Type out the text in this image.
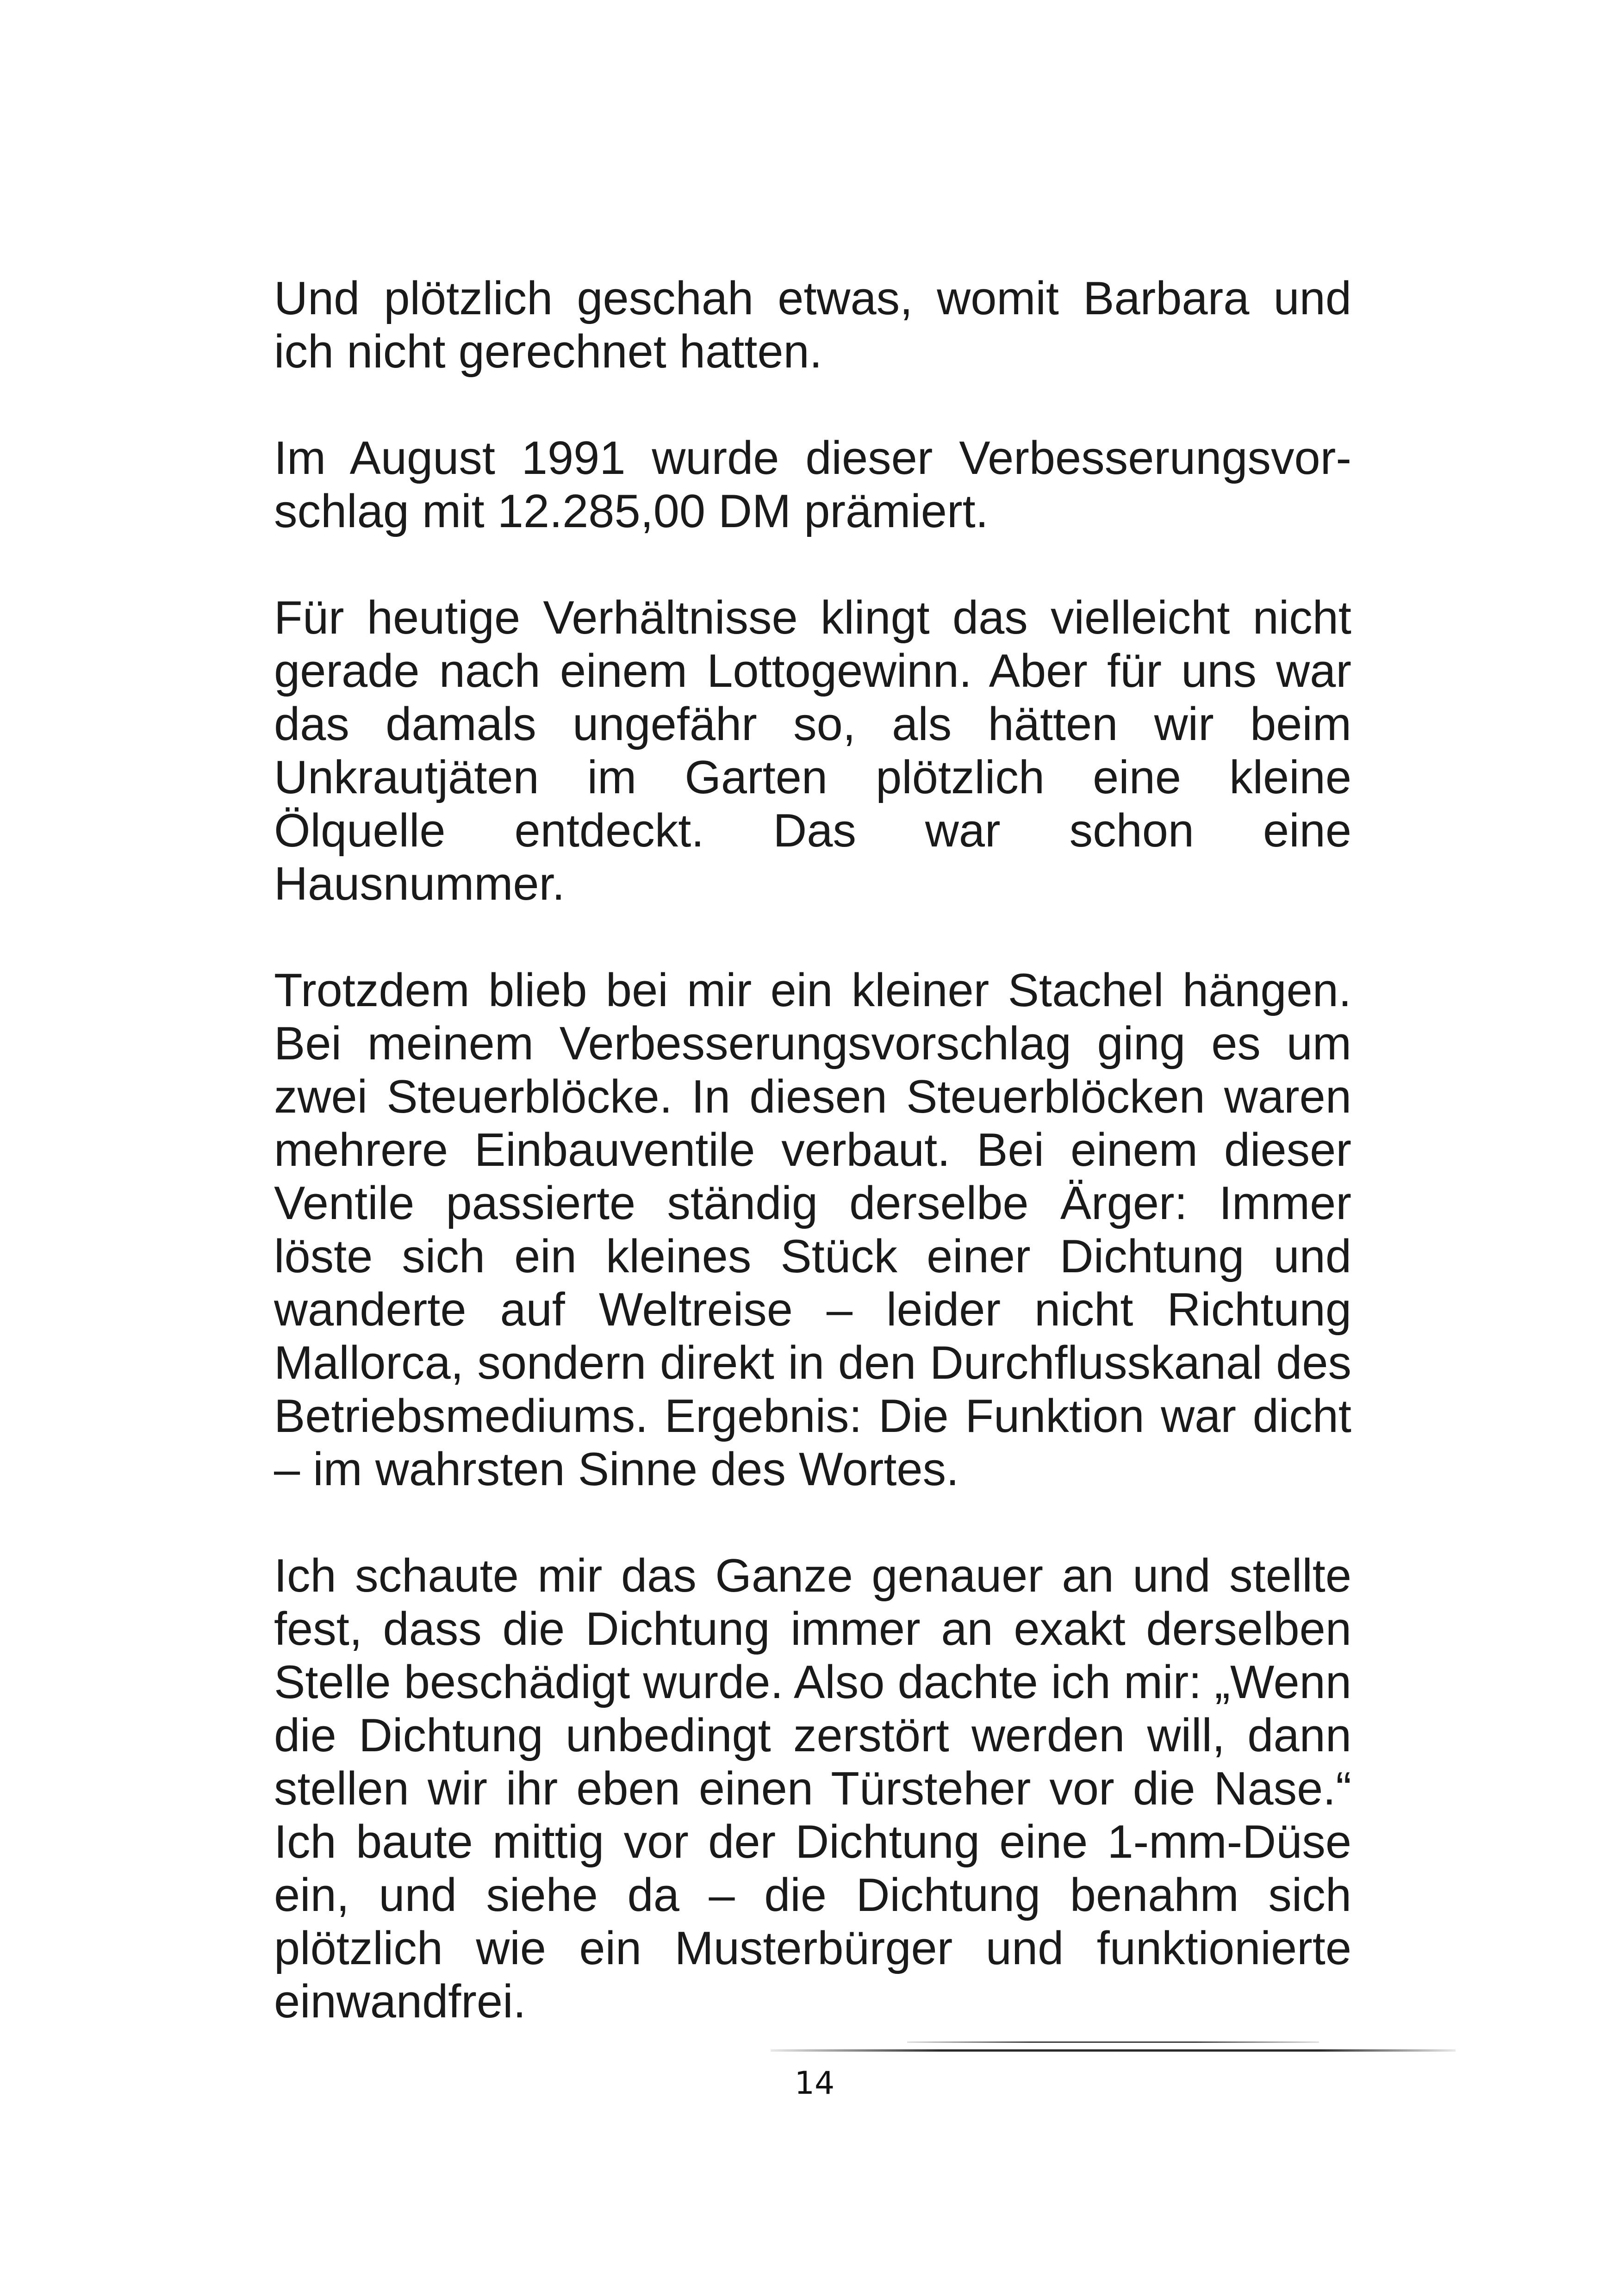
Und plötzlich geschah etwas, womit Barbara und ich nicht gerechnet hatten.

Im August 1991 wurde dieser Verbesserungsvorschlag mit 12.285,00 DM prämiert.

Für heutige Verhältnisse klingt das vielleicht nicht gerade nach einem Lottogewinn. Aber für uns war das damals ungefähr so, als hätten wir beim Unkrautjäten im Garten plötzlich eine kleine Ölquelle entdeckt. Das war schon eine Hausnummer.

Trotzdem blieb bei mir ein kleiner Stachel hängen. Bei meinem Verbesserungsvorschlag ging es um zwei Steuerblöcke. In diesen Steuerblöcken waren mehrere Einbauventile verbaut. Bei einem dieser Ventile passierte ständig derselbe Ärger: Immer löste sich ein kleines Stück einer Dichtung und wanderte auf Weltreise – leider nicht Richtung Mallorca, sondern direkt in den Durchflusskanal des Betriebsmediums. Ergebnis: Die Funktion war dicht – im wahrsten Sinne des Wortes.

Ich schaute mir das Ganze genauer an und stellte fest, dass die Dichtung immer an exakt derselben Stelle beschädigt wurde. Also dachte ich mir: „Wenn die Dichtung unbedingt zerstört werden will, dann stellen wir ihr eben einen Türsteher vor die Nase.“ Ich baute mittig vor der Dichtung eine 1-mm-Düse ein, und siehe da – die Dichtung benahm sich plötzlich wie ein Musterbürger und funktionierte einwandfrei.

14
